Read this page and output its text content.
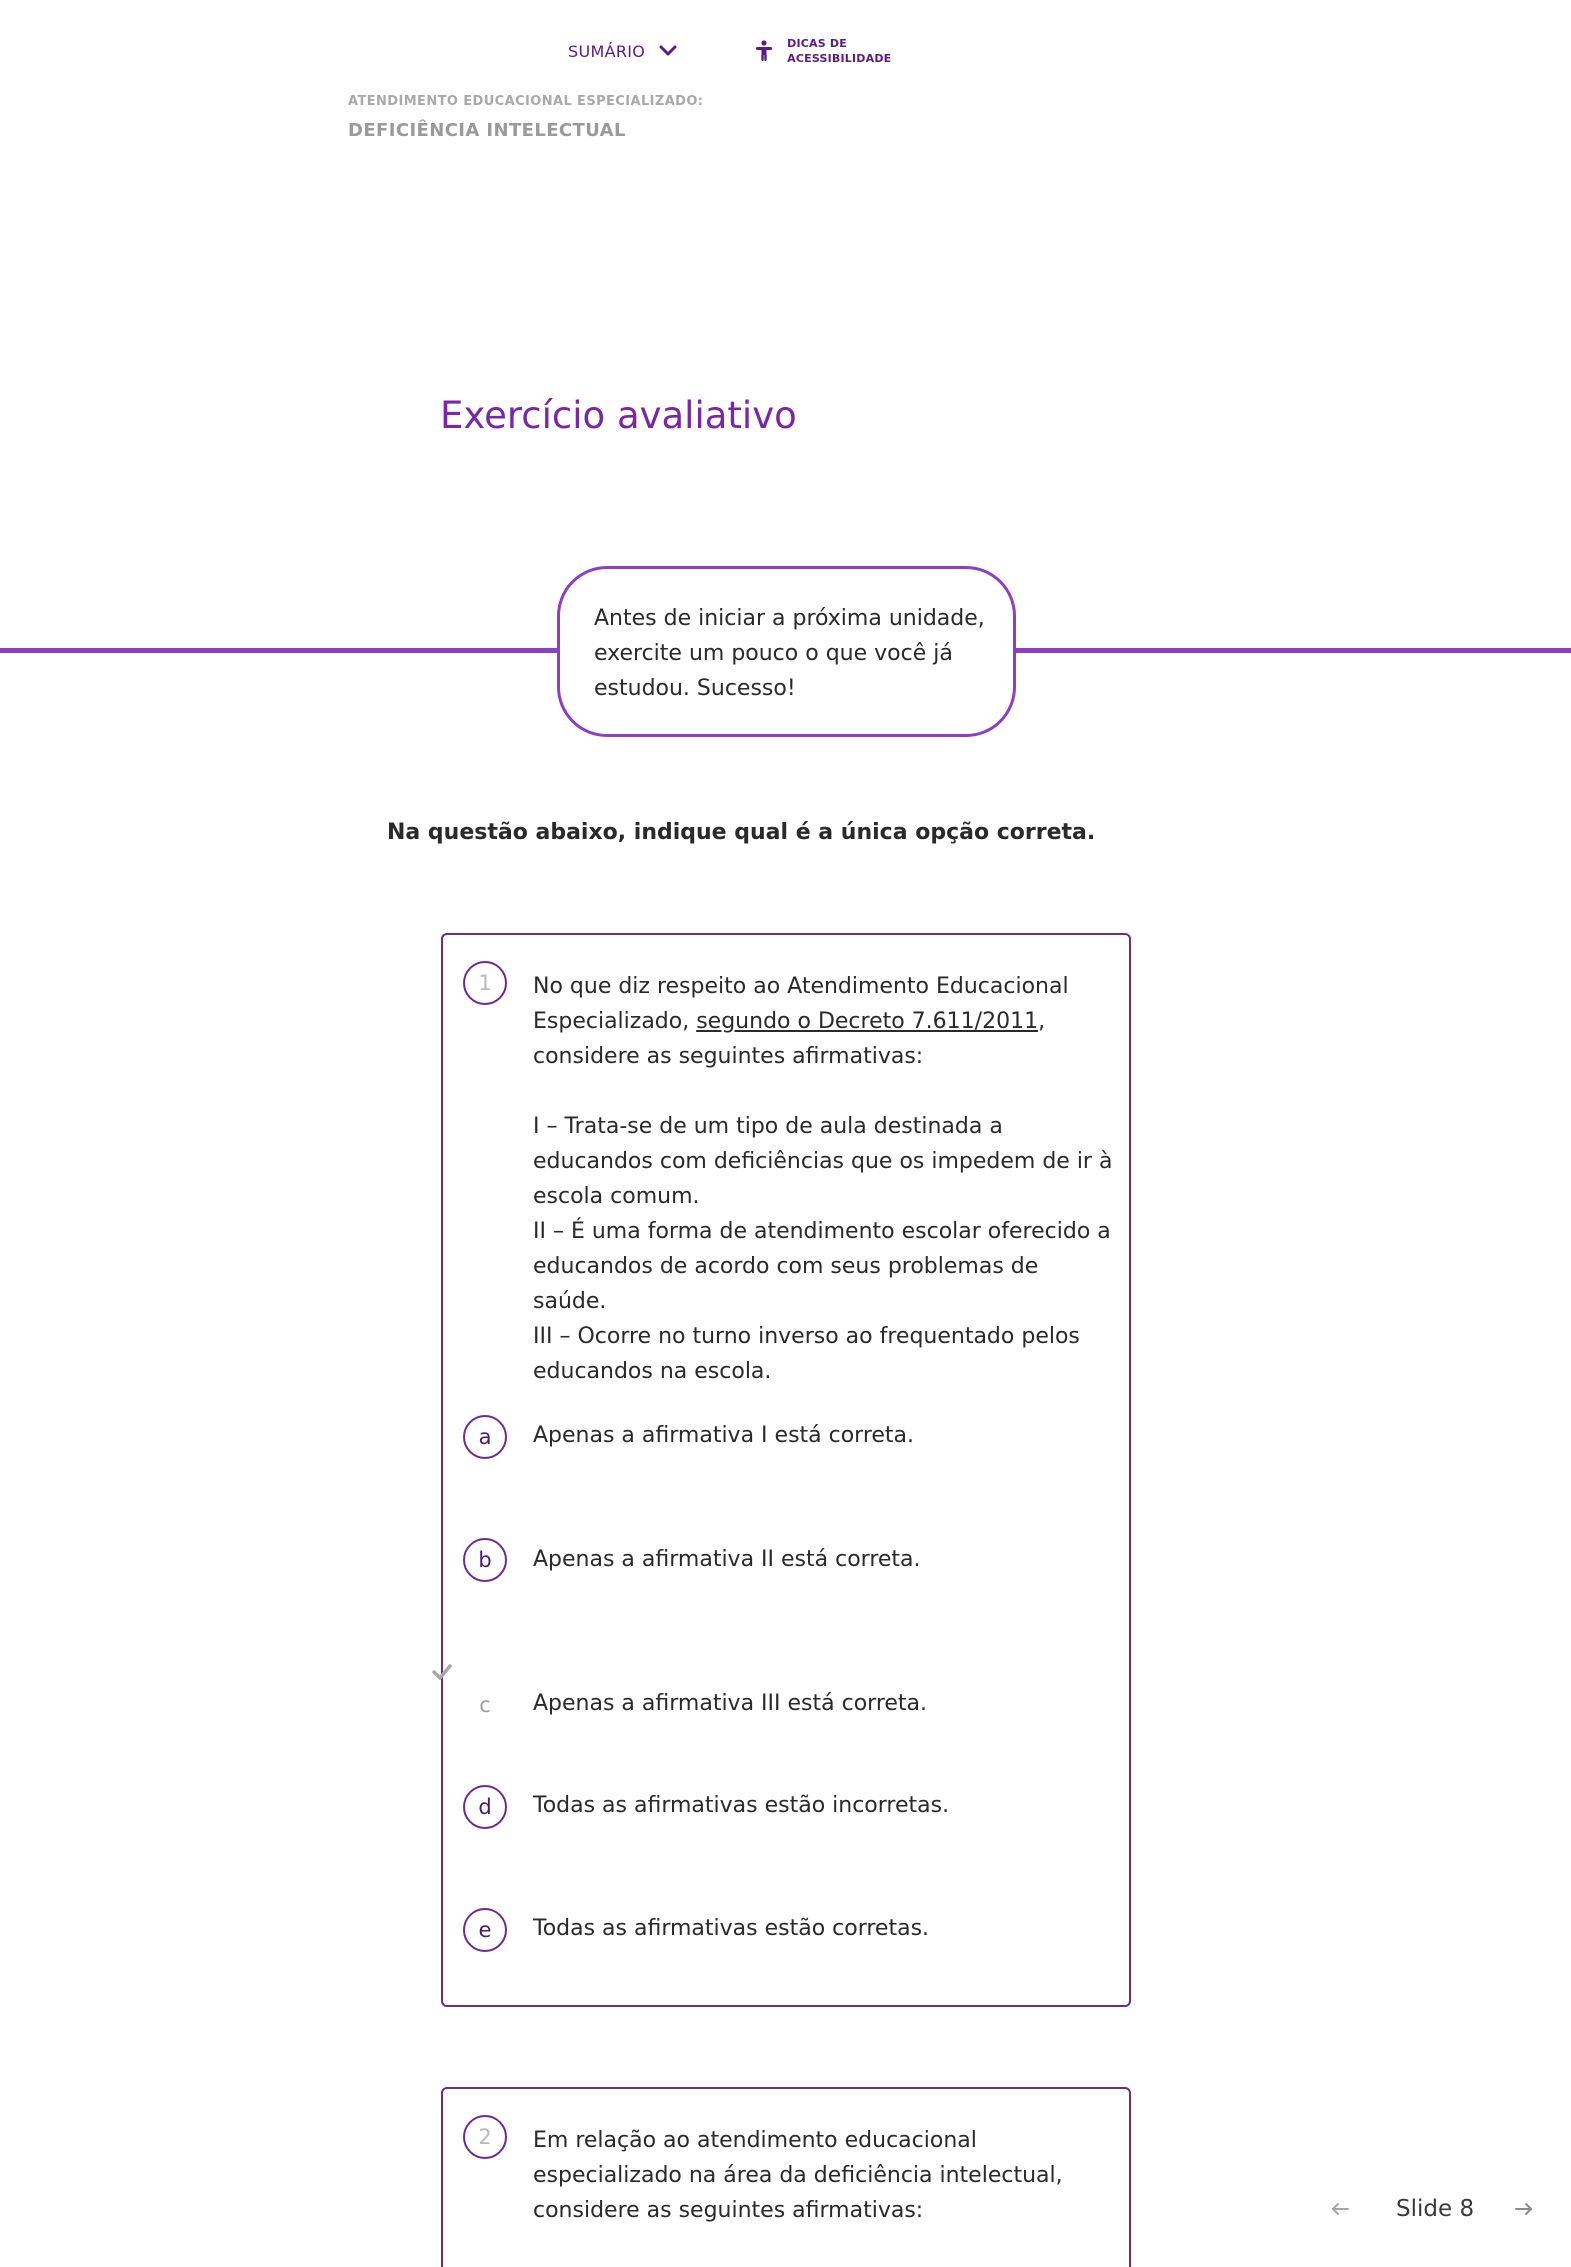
SUMÁRIO	DICAS DE
ACESSIBILIDADE
ATENDIMENTO EDUCACIONAL ESPECIALIZADO:
DEFICIÊNCIA INTELECTUAL
Exercício avaliativo
Antes de iniciar a próxima unidade, exercite um pouco o que você já estudou. Sucesso!
Na questão abaixo, indique qual é a única opção correta.
1	No que diz respeito ao Atendimento Educacional Especializado, segundo o Decreto 7.611/2011, considere as seguintes afirmativas:
I – Trata-se de um tipo de aula destinada a educandos com deficiências que os impedem de ir à escola comum.
II – É uma forma de atendimento escolar oferecido a educandos de acordo com seus problemas de saúde.
III – Ocorre no turno inverso ao frequentado pelos educandos na escola.
a	Apenas a afirmativa I está correta.
b	Apenas a afirmativa II está correta.
c	Apenas a afirmativa III está correta.
d	Todas as afirmativas estão incorretas.
e	Todas as afirmativas estão corretas.
2	Em relação ao atendimento educacional especializado na área da deficiência intelectual, considere as seguintes afirmativas:	Slide 8
